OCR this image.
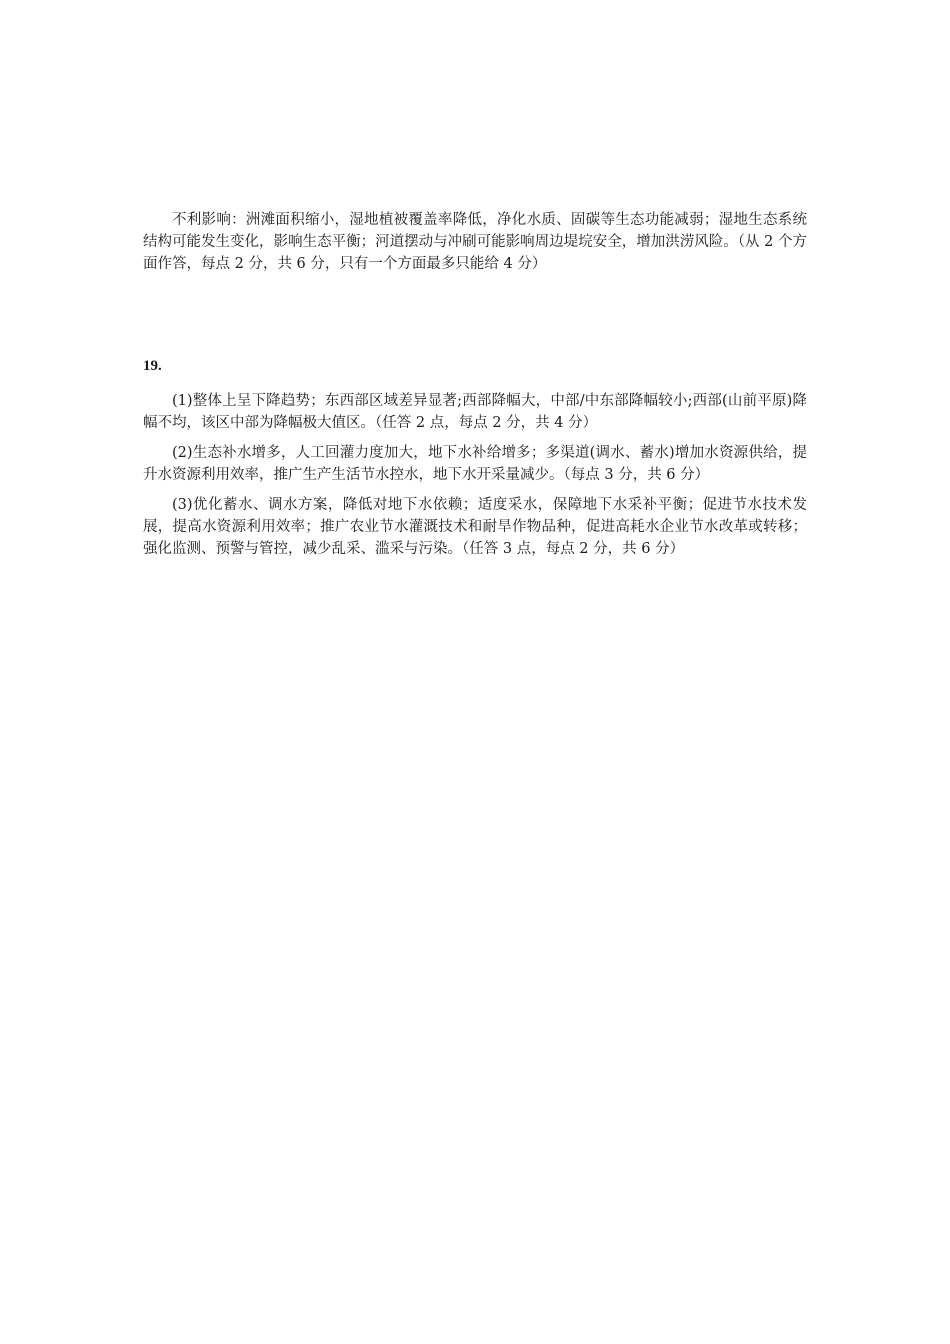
不利影响：洲滩面积缩小，湿地植被覆盖率降低，净化水质、固碳等生态功能减弱；湿地生态系统结构可能发生变化，影响生态平衡；河道摆动与冲刷可能影响周边堤垸安全，增加洪涝风险。（从 2 个方面作答，每点 2 分，共 6 分，只有一个方面最多只能给 4 分）

19.

(1)整体上呈下降趋势；东西部区域差异显著;西部降幅大，中部/中东部降幅较小;西部(山前平原)降幅不均，该区中部为降幅极大值区。（任答 2 点，每点 2 分，共 4 分）

(2)生态补水增多，人工回灌力度加大，地下水补给增多；多渠道(调水、蓄水)增加水资源供给，提升水资源利用效率，推广生产生活节水控水，地下水开采量减少。（每点 3 分，共 6 分）

(3)优化蓄水、调水方案，降低对地下水依赖；适度采水，保障地下水采补平衡；促进节水技术发展，提高水资源利用效率；推广农业节水灌溉技术和耐旱作物品种，促进高耗水企业节水改革或转移；强化监测、预警与管控，减少乱采、滥采与污染。（任答 3 点，每点 2 分，共 6 分）
